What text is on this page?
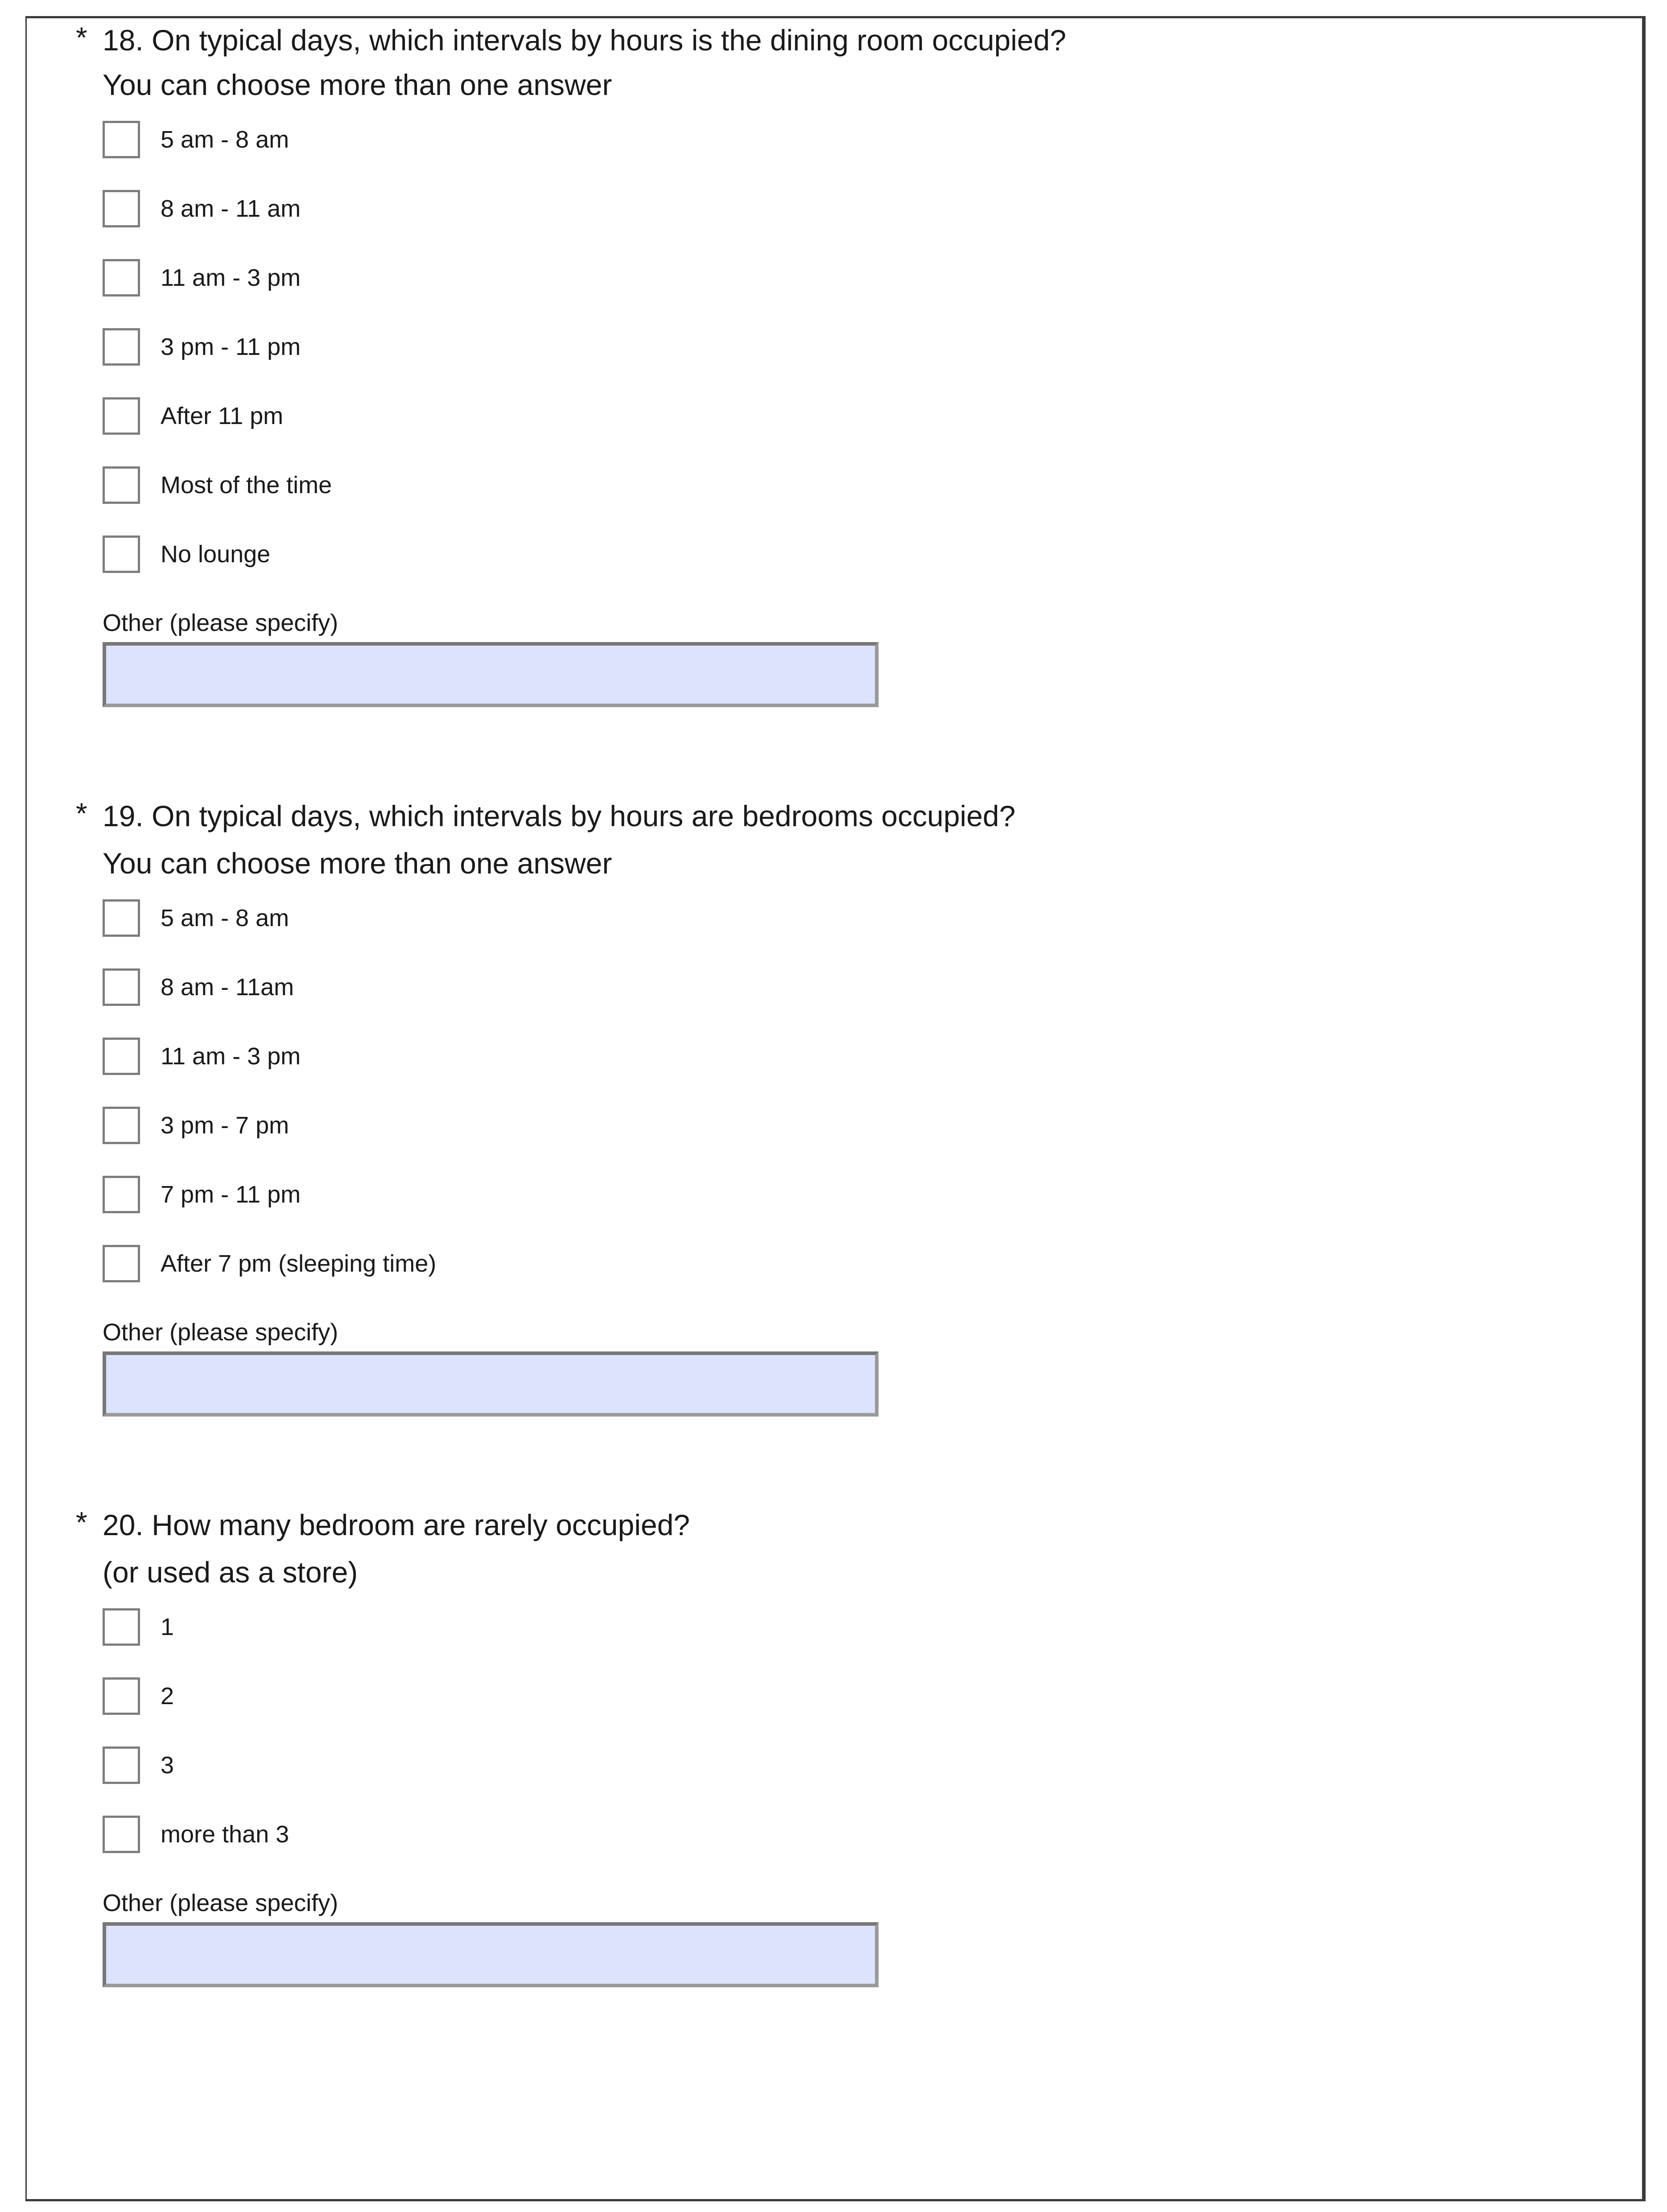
* 18. On typical days, which intervals by hours is the dining room occupied?
You can choose more than one answer
5 am - 8 am
8 am - 11 am
11 am - 3 pm
3 pm - 11 pm
After 11 pm
Most of the time
No lounge
Other (please specify)
* 19. On typical days, which intervals by hours are bedrooms occupied?
You can choose more than one answer
5 am - 8 am
8 am - 11am
11 am - 3 pm
3 pm - 7 pm
7 pm - 11 pm
After 7 pm (sleeping time)
Other (please specify)
* 20. How many bedroom are rarely occupied?
(or used as a store)
1
2
3
more than 3
Other (please specify)
